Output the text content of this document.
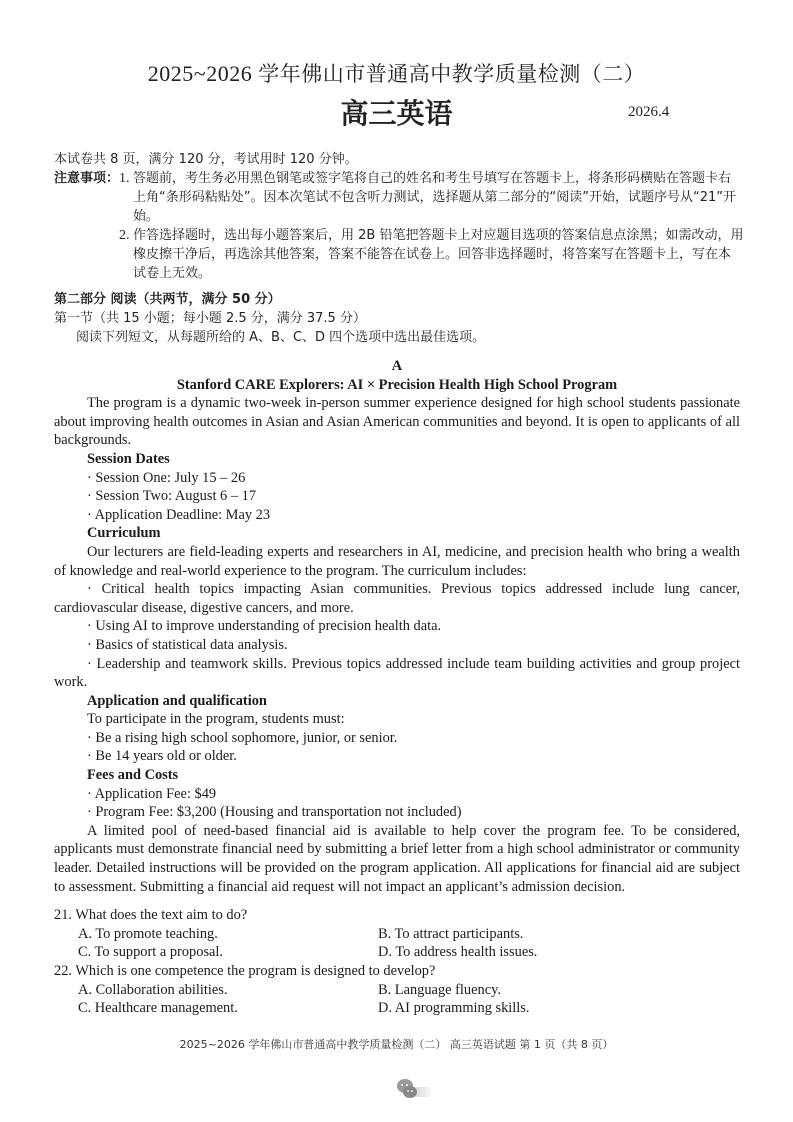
2025~2026 学年佛山市普通高中教学质量检测（二）
高三英语	2026.4

本试卷共 8 页，满分 120 分，考试用时 120 分钟。

注意事项： 1. 答题前，考生务必用黑色钢笔或签字笔将自己的姓名和考生号填写在答题卡上，将条形码横贴在答题卡右上角“条形码粘贴处”。因本次笔试不包含听力测试，选择题从第二部分的“阅读”开始，试题序号从“21”开始。
2. 作答选择题时，选出每小题答案后，用 2B 铅笔把答题卡上对应题目选项的答案信息点涂黑；如需改动，用橡皮擦干净后，再选涂其他答案，答案不能答在试卷上。回答非选择题时，将答案写在答题卡上，写在本试卷上无效。

第二部分 阅读（共两节，满分 50 分）

第一节（共 15 小题；每小题 2.5 分，满分 37.5 分）

阅读下列短文，从每题所给的 A、B、C、D 四个选项中选出最佳选项。

A

Stanford CARE Explorers: AI × Precision Health High School Program

The program is a dynamic two-week in-person summer experience designed for high school students passionate about improving health outcomes in Asian and Asian American communities and beyond. It is open to applicants of all backgrounds.

Session Dates

· Session One: July 15 – 26

· Session Two: August 6 – 17

· Application Deadline: May 23

Curriculum

Our lecturers are field-leading experts and researchers in AI, medicine, and precision health who bring a wealth of knowledge and real-world experience to the program. The curriculum includes:

· Critical health topics impacting Asian communities. Previous topics addressed include lung cancer, cardiovascular disease, digestive cancers, and more.

· Using AI to improve understanding of precision health data.

· Basics of statistical data analysis.

· Leadership and teamwork skills. Previous topics addressed include team building activities and group project work.

Application and qualification

To participate in the program, students must:

· Be a rising high school sophomore, junior, or senior.

· Be 14 years old or older.

Fees and Costs

· Application Fee: $49

· Program Fee: $3,200 (Housing and transportation not included)

A limited pool of need-based financial aid is available to help cover the program fee. To be considered, applicants must demonstrate financial need by submitting a brief letter from a high school administrator or community leader. Detailed instructions will be provided on the program application. All applications for financial aid are subject to assessment. Submitting a financial aid request will not impact an applicant’s admission decision.

21. What does the text aim to do?

A. To promote teaching.	B. To attract participants.
C. To support a proposal.	D. To address health issues.

22. Which is one competence the program is designed to develop?

A. Collaboration abilities.	B. Language fluency.
C. Healthcare management.	D. AI programming skills.
2025~2026 学年佛山市普通高中教学质量检测（二） 高三英语试题 第 1 页（共 8 页）
